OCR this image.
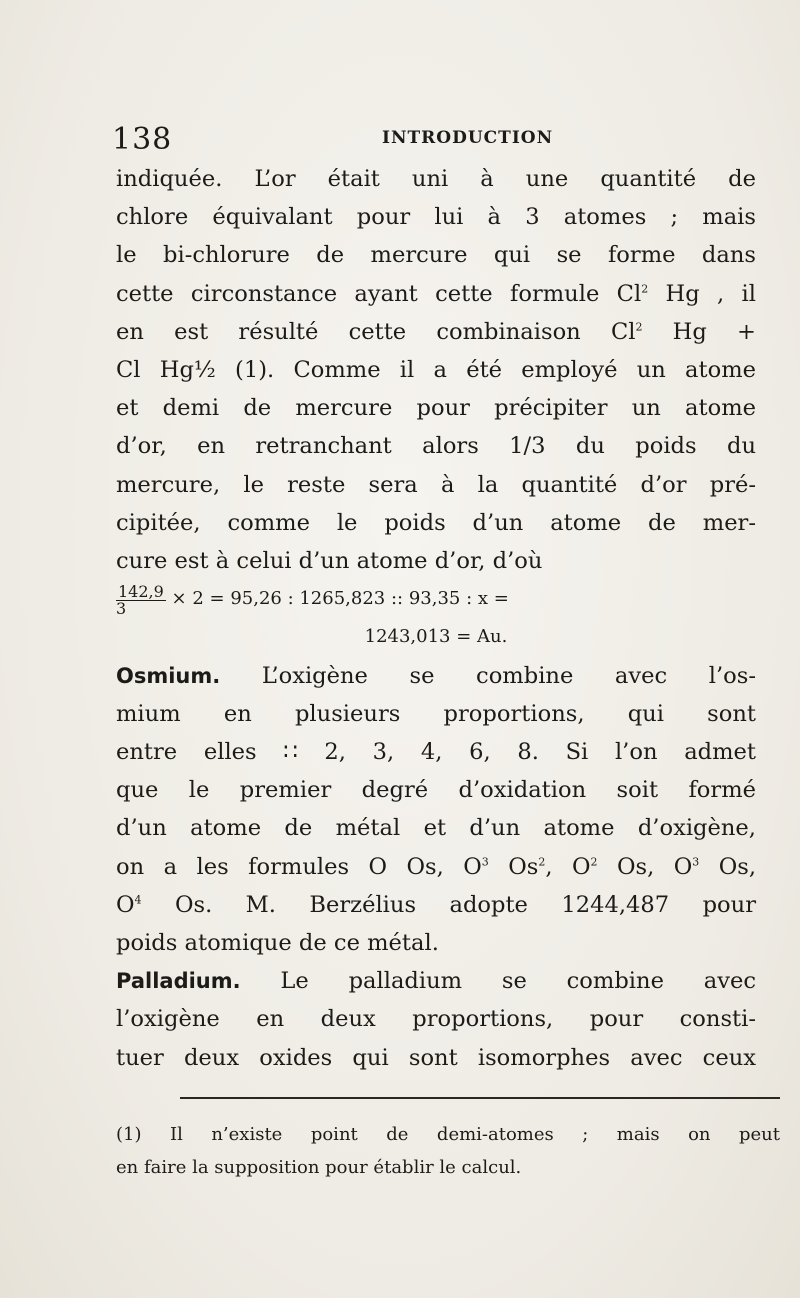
138	INTRODUCTION
indiquée. L’or était uni à une quantité de
chlore équivalant pour lui à 3 atomes ; mais
le bi-chlorure de mercure qui se forme dans
cette circonstance ayant cette formule Cl$^2$ Hg , il
en est résulté cette combinaison Cl$^2$ Hg +
Cl Hg½ (1). Comme il a été employé un atome
et demi de mercure pour précipiter un atome
d’or, en retranchant alors 1/3 du poids du
mercure, le reste sera à la quantité d’or pré-
cipitée, comme le poids d’un atome de mer-
cure est à celui d’un atome d’or, d’où
$\frac{142,9}{3} \times 2 = 95,26$ : 1265,823 :: 93,35 : x =
1243,013 = Au.
Osmium. L’oxigène se combine avec l’os-
mium en plusieurs proportions, qui sont
entre elles ∷ 2, 3, 4, 6, 8. Si l’on admet
que le premier degré d’oxidation soit formé
d’un atome de métal et d’un atome d’oxigène,
on a les formules O Os, $O^3$ Os$^2$, $O^2$ Os, $O^3$ Os,
$O^4$ Os. M. Berzélius adopte 1244,487 pour
poids atomique de ce métal.
Palladium. Le palladium se combine avec
l’oxigène en deux proportions, pour consti-
tuer deux oxides qui sont isomorphes avec ceux
(1) Il n’existe point de demi-atomes ; mais on peut
en faire la supposition pour établir le calcul.
